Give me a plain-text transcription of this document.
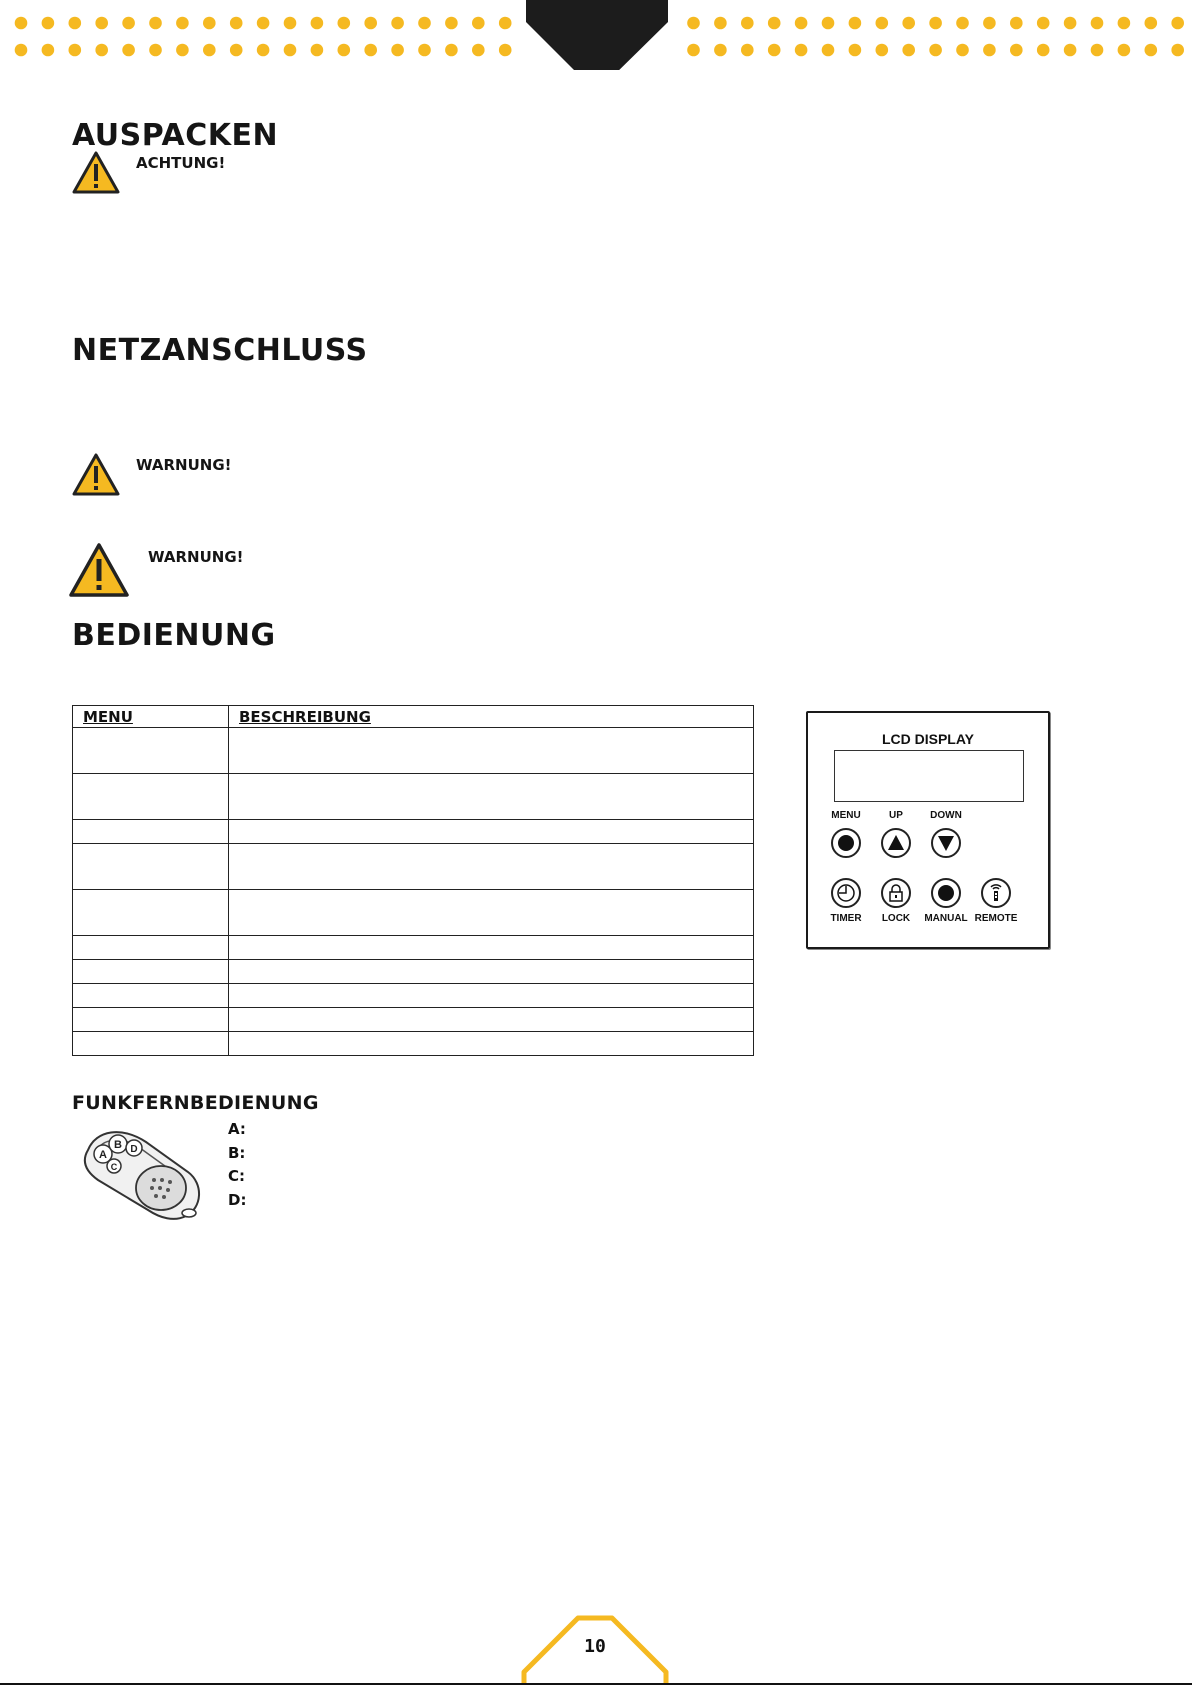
AUSPACKEN
ACHTUNG!
NETZANSCHLUSS
WARNUNG!
WARNUNG!
BEDIENUNG
MENU	BESCHREIBUNG

LCD DISPLAY
MENU	UP	DOWN
TIMER	LOCK	MANUAL REMOTE
FUNKFERNBEDIENUNG
A
B D
C
A:
B:
C:
D:
10
